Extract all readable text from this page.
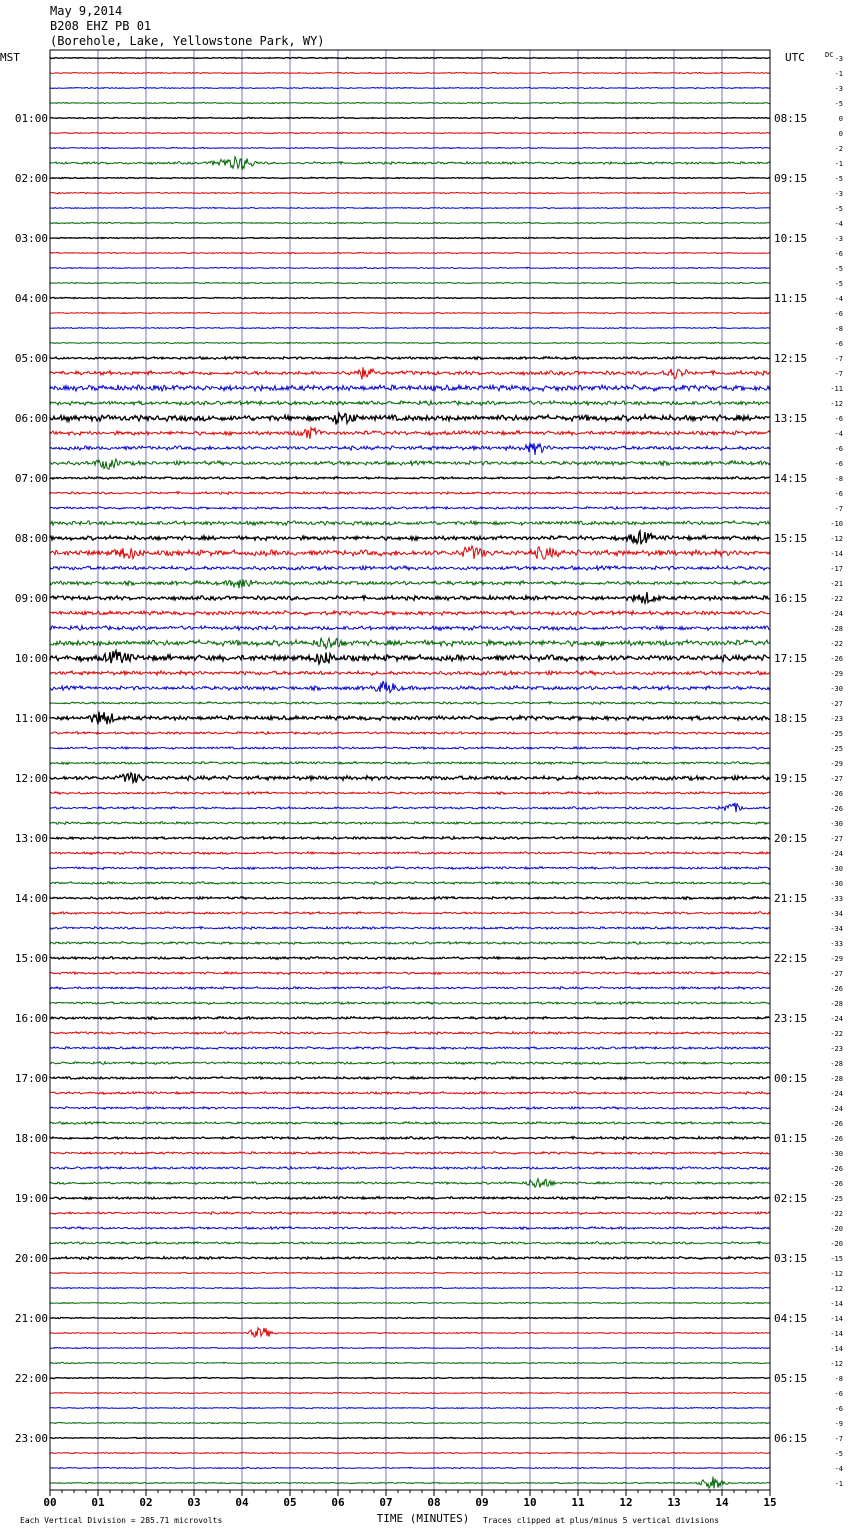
May 9,2014
B208 EHZ PB 01
(Borehole, Lake, Yellowstone Park, WY)
-3
-1
-3
-5
0
0
-2
-1
-5
-3
-5
-4
-3
-6
-5
-5
-4
-6
-8
-6
-7
-7
-11
-12
-6
-4
-6
-6
-8
-6
-7
-10
-12
-14
-17
-21
-22
-24
-28
-22
-26
-29
-30
-27
-23
-25
-25
-29
-27
-26
-26
-30
-27
-24
-30
-30
-33
-34
-34
-33
-29
-27
-26
-28
-24
-22
-23
-28
-28
-24
-24
-26
-26
-30
-26
-26
-25
-22
-20
-20
-15
-12
-12
-14
-14
-14
-14
-12
-8
-6
-6
-9
-7
-5
-4
-1
MST	UTC	DC
01:00
02:00
03:00
04:00
05:00
06:00
07:00
08:00
09:00
10:00
11:00
12:00
13:00
14:00
15:00
16:00
17:00
18:00
19:00
20:00
21:00
22:00
23:00
08:15
09:15
10:15
11:15
12:15
13:15
14:15
15:15
16:15
17:15
18:15
19:15
20:15
21:15
22:15
23:15
00:15
01:15
02:15
03:15
04:15
05:15
06:15
00	01	02	03	04	05	06	07	08	09	10	11	12	13	14	15
TIME (MINUTES)
Each Vertical Division = 285.71 microvolts	Traces clipped at plus/minus 5 vertical divisions
